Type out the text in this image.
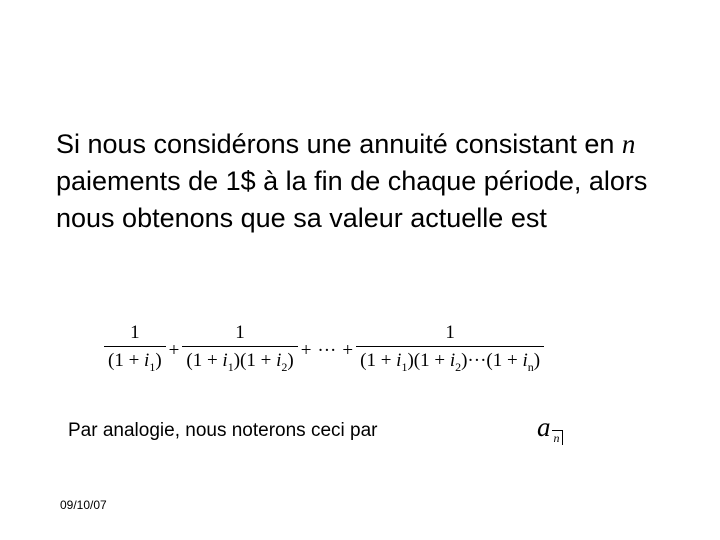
Si nous considérons une annuité consistant en n paiements de 1$ à la fin de chaque période, alors nous obtenons que sa valeur actuelle est
$\frac{1}{(1 + i_1)} + \frac{1}{(1 + i_1)(1 + i_2)}$ + ··· + $\frac{1}{(1 + i_1)(1 + i_2)\cdot\cdot\cdot(1 + i_n)}$
Par analogie, nous noterons ceci par	a n
09/10/07
